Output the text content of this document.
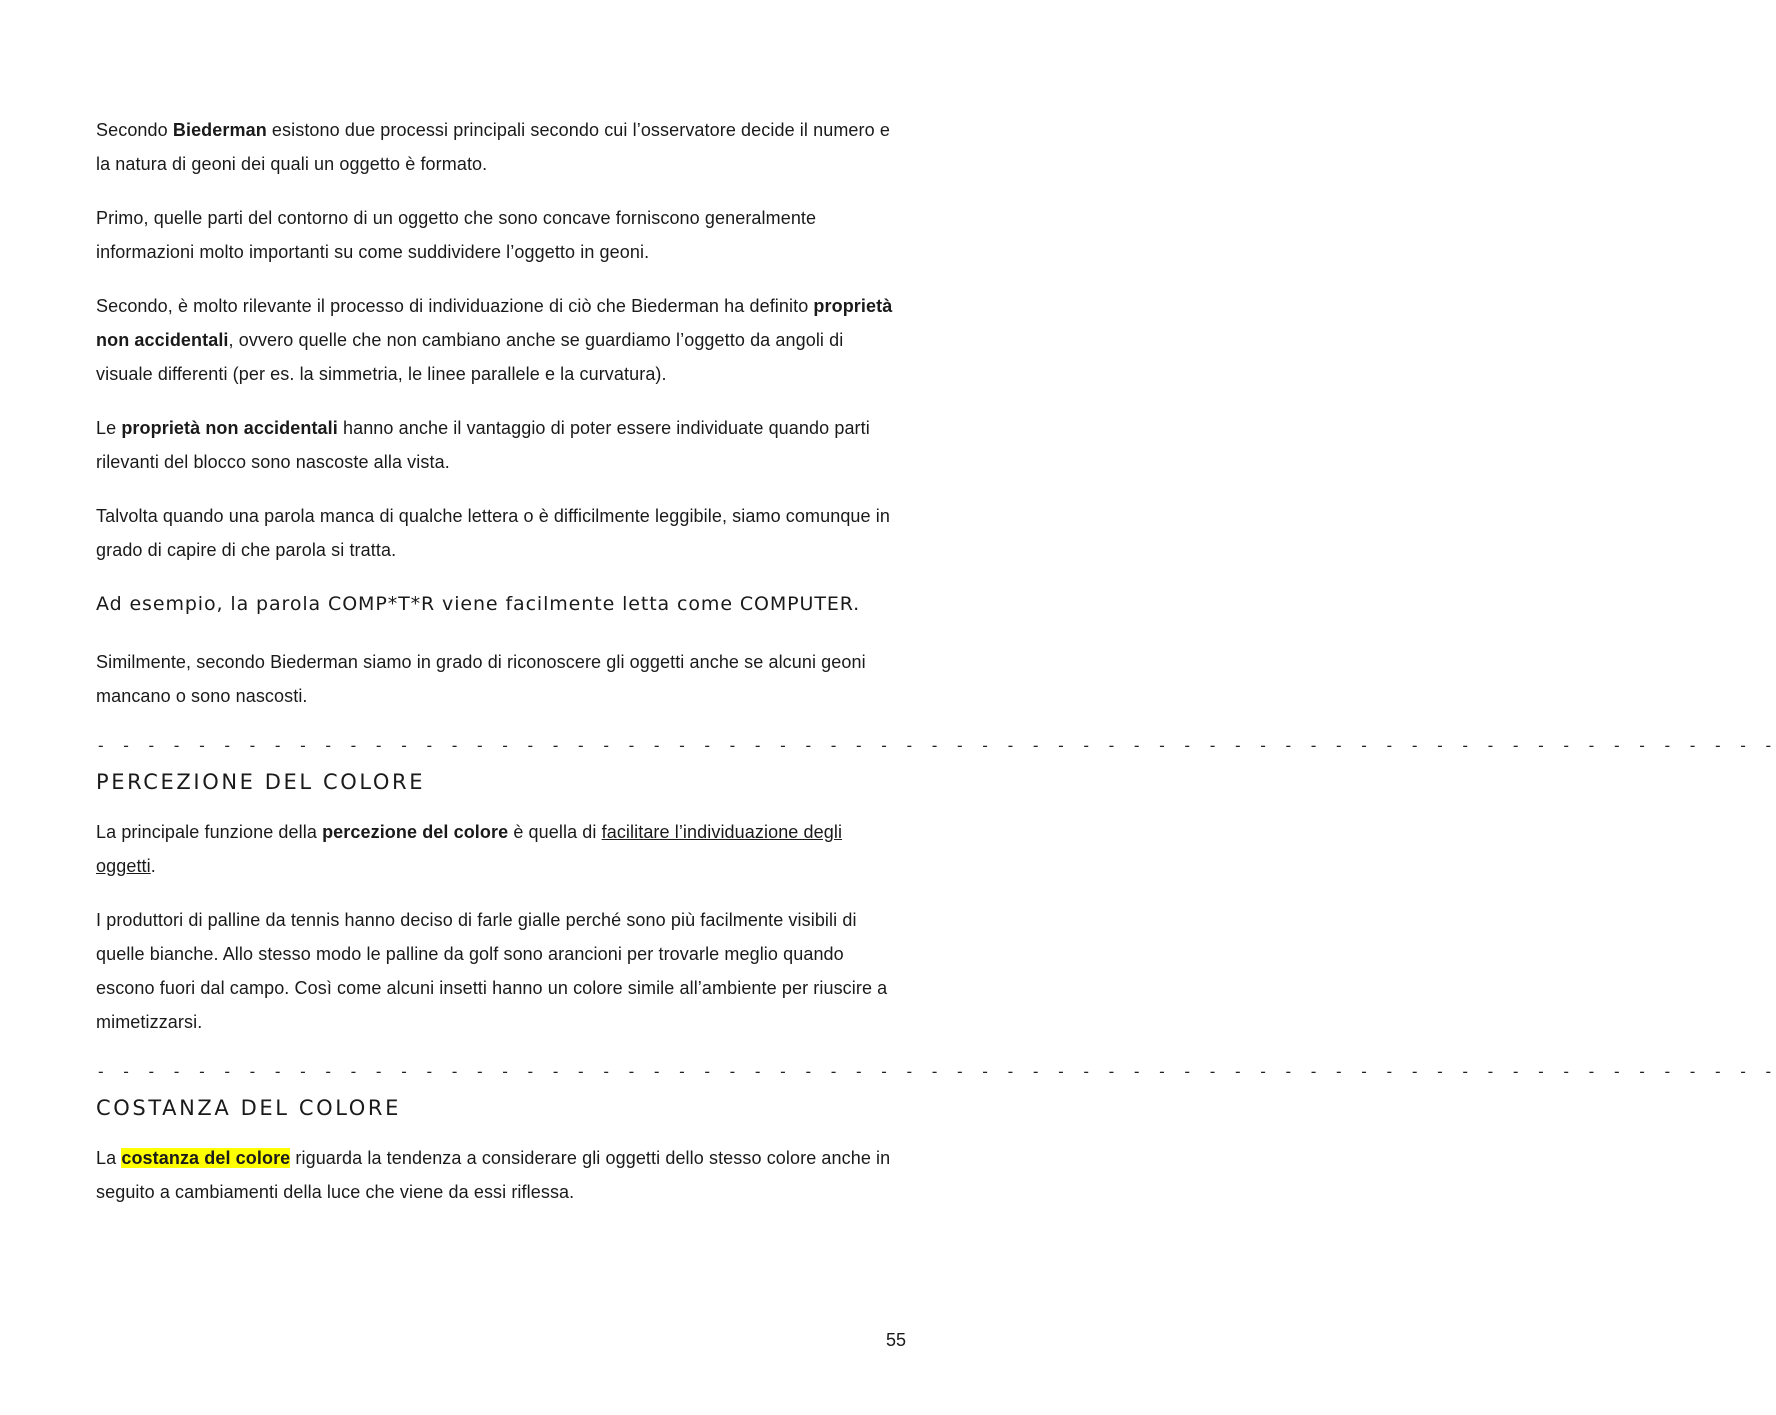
Secondo Biederman esistono due processi principali secondo cui l’osservatore decide il numero e la natura di geoni dei quali un oggetto è formato.

Primo, quelle parti del contorno di un oggetto che sono concave forniscono generalmente informazioni molto importanti su come suddividere l’oggetto in geoni.

Secondo, è molto rilevante il processo di individuazione di ciò che Biederman ha definito proprietà non accidentali, ovvero quelle che non cambiano anche se guardiamo l’oggetto da angoli di visuale differenti (per es. la simmetria, le linee parallele e la curvatura).

Le proprietà non accidentali hanno anche il vantaggio di poter essere individuate quando parti rilevanti del blocco sono nascoste alla vista.

Talvolta quando una parola manca di qualche lettera o è difficilmente leggibile, siamo comunque in grado di capire di che parola si tratta.

Ad esempio, la parola COMP*T*R viene facilmente letta come COMPUTER.

Similmente, secondo Biederman siamo in grado di riconoscere gli oggetti anche se alcuni geoni mancano o sono nascosti.

- - - - - - - - - - - - - - - - - - - - - - - - - - - - - - - - - - - - - - - - - - - - - - - - - - - - - - - - - - - - - - - - - - -
PERCEZIONE DEL COLORE

La principale funzione della percezione del colore è quella di facilitare l’individuazione degli oggetti.

I produttori di palline da tennis hanno deciso di farle gialle perché sono più facilmente visibili di quelle bianche. Allo stesso modo le palline da golf sono arancioni per trovarle meglio quando escono fuori dal campo. Così come alcuni insetti hanno un colore simile all’ambiente per riuscire a mimetizzarsi.

- - - - - - - - - - - - - - - - - - - - - - - - - - - - - - - - - - - - - - - - - - - - - - - - - - - - - - - - - - - - - - - - - - -
COSTANZA DEL COLORE

La costanza del colore riguarda la tendenza a considerare gli oggetti dello stesso colore anche in seguito a cambiamenti della luce che viene da essi riflessa.

55
